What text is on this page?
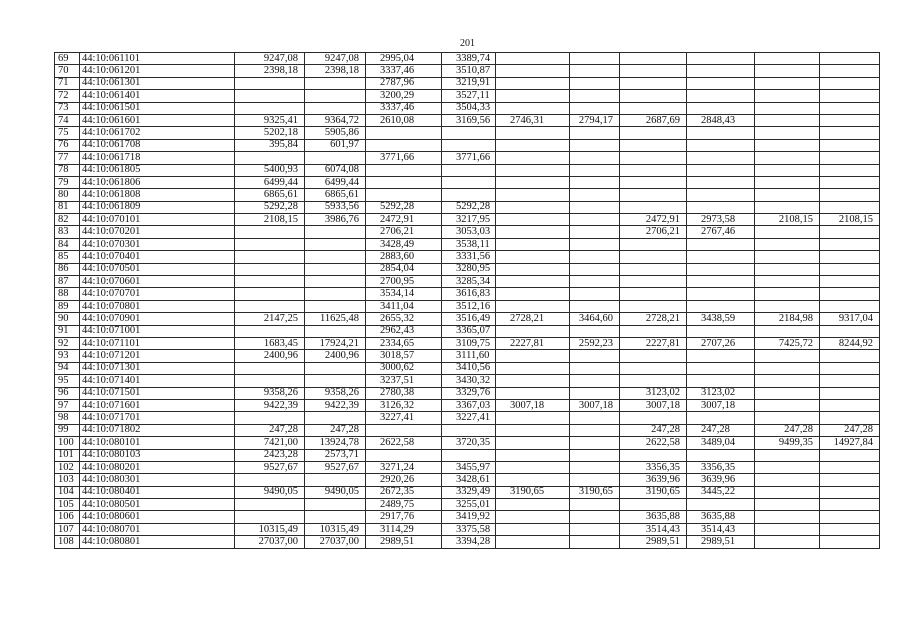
201
69	44:10:061101	9247,08	9247,08	2995,04	3389,74						
70	44:10:061201	2398,18	2398,18	3337,46	3510,87						
71	44:10:061301			2787,96	3219,91						
72	44:10:061401			3200,29	3527,11						
73	44:10:061501			3337,46	3504,33						
74	44:10:061601	9325,41	9364,72	2610,08	3169,56	2746,31	2794,17	2687,69	2848,43		
75	44:10:061702	5202,18	5905,86								
76	44:10:061708	395,84	601,97								
77	44:10:061718			3771,66	3771,66						
78	44:10:061805	5400,93	6074,08								
79	44:10:061806	6499,44	6499,44								
80	44:10:061808	6865,61	6865,61								
81	44:10:061809	5292,28	5933,56	5292,28	5292,28						
82	44:10:070101	2108,15	3986,76	2472,91	3217,95			2472,91	2973,58	2108,15	2108,15
83	44:10:070201			2706,21	3053,03			2706,21	2767,46		
84	44:10:070301			3428,49	3538,11						
85	44:10:070401			2883,60	3331,56						
86	44:10:070501			2854,04	3280,95						
87	44:10:070601			2700,95	3285,34						
88	44:10:070701			3534,14	3616,83						
89	44:10:070801			3411,04	3512,16						
90	44:10:070901	2147,25	11625,48	2655,32	3516,49	2728,21	3464,60	2728,21	3438,59	2184,98	9317,04
91	44:10:071001			2962,43	3365,07						
92	44:10:071101	1683,45	17924,21	2334,65	3109,75	2227,81	2592,23	2227,81	2707,26	7425,72	8244,92
93	44:10:071201	2400,96	2400,96	3018,57	3111,60						
94	44:10:071301			3000,62	3410,56						
95	44:10:071401			3237,51	3430,32						
96	44:10:071501	9358,26	9358,26	2780,38	3329,76			3123,02	3123,02		
97	44:10:071601	9422,39	9422,39	3126,32	3367,03	3007,18	3007,18	3007,18	3007,18		
98	44:10:071701			3227,41	3227,41						
99	44:10:071802	247,28	247,28					247,28	247,28	247,28	247,28
100	44:10:080101	7421,00	13924,78	2622,58	3720,35			2622,58	3489,04	9499,35	14927,84
101	44:10:080103	2423,28	2573,71								
102	44:10:080201	9527,67	9527,67	3271,24	3455,97			3356,35	3356,35		
103	44:10:080301			2920,26	3428,61			3639,96	3639,96		
104	44:10:080401	9490,05	9490,05	2672,35	3329,49	3190,65	3190,65	3190,65	3445,22		
105	44:10:080501			2489,75	3255,01						
106	44:10:080601			2917,76	3419,92			3635,88	3635,88		
107	44:10:080701	10315,49	10315,49	3114,29	3375,58			3514,43	3514,43		
108	44:10:080801	27037,00	27037,00	2989,51	3394,28			2989,51	2989,51		
